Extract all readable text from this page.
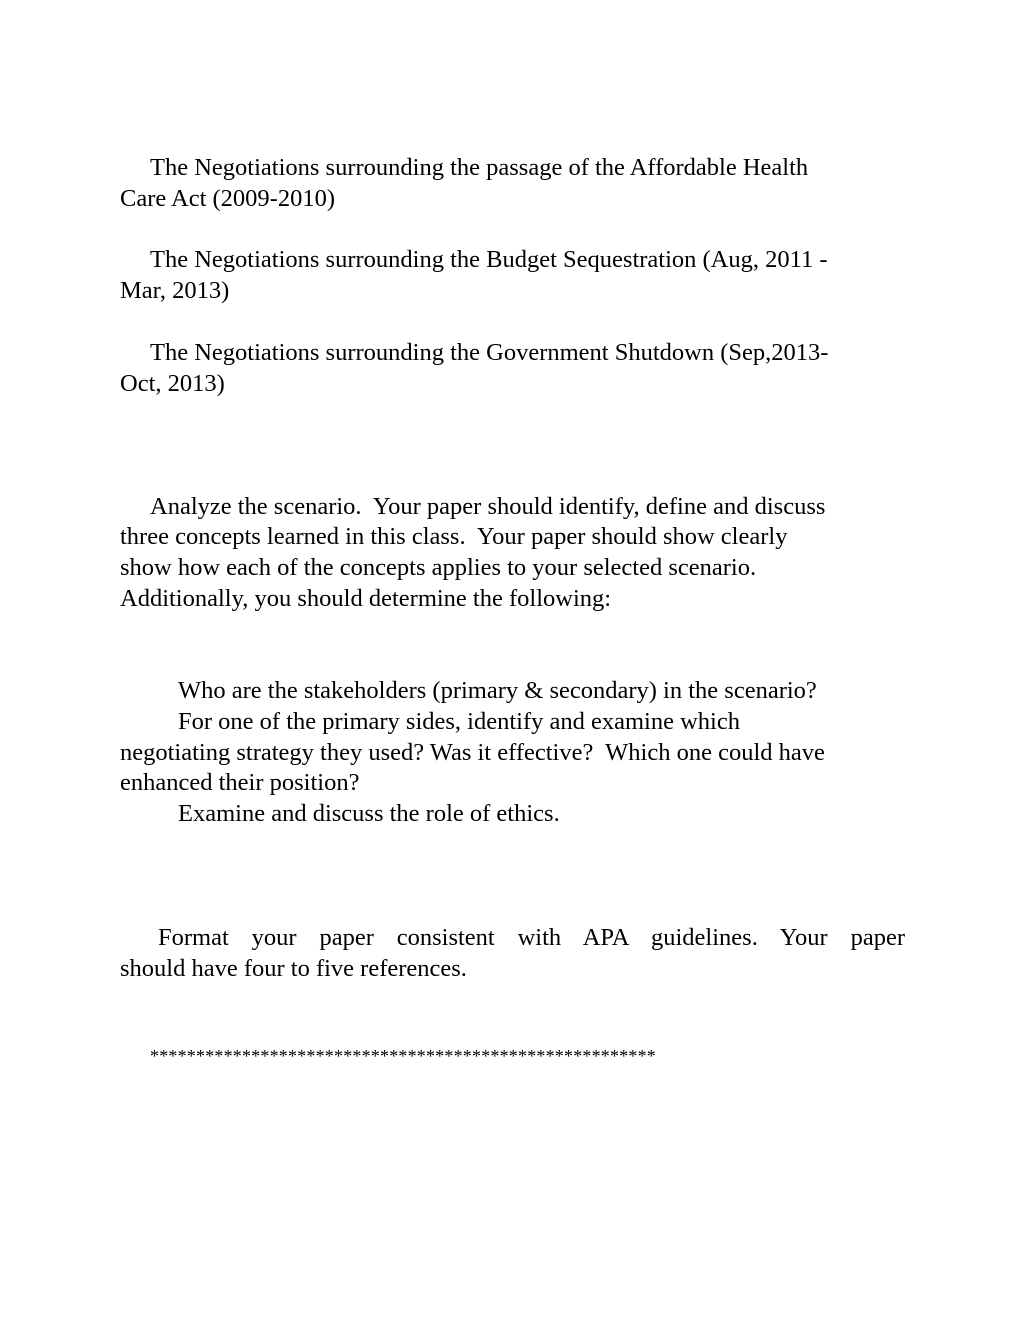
The Negotiations surrounding the passage of the Affordable Health

Care Act (2009-2010)

The Negotiations surrounding the Budget Sequestration (Aug, 2011 -

Mar, 2013)

The Negotiations surrounding the Government Shutdown (Sep,2013-

Oct, 2013)

Analyze the scenario.  Your paper should identify, define and discuss

three concepts learned in this class.  Your paper should show clearly

show how each of the concepts applies to your selected scenario.

Additionally, you should determine the following:

Who are the stakeholders (primary & secondary) in the scenario?

For one of the primary sides, identify and examine which

negotiating strategy they used? Was it effective?  Which one could have

enhanced their position?

Examine and discuss the role of ethics.

Format your paper consistent with APA guidelines. Your paper

should have four to five references.

*******************************************************
